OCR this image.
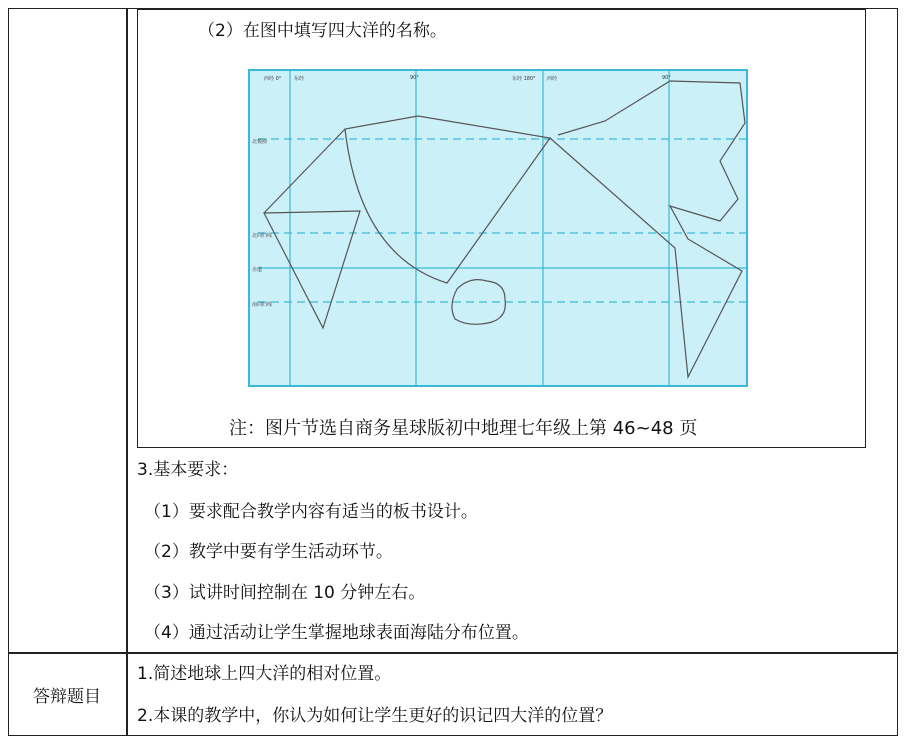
（2）在图中填写四大洋的名称。
西经 0°	东经	90°	东经 180° 西经	90°
北极圈
北回归线
赤道
南回归线
注：图片节选自商务星球版初中地理七年级上第 46~48 页
3.基本要求：
（1）要求配合教学内容有适当的板书设计。
（2）教学中要有学生活动环节。
（3）试讲时间控制在 10 分钟左右。
（4）通过活动让学生掌握地球表面海陆分布位置。
答辩题目
1.简述地球上四大洋的相对位置。
2.本课的教学中，你认为如何让学生更好的识记四大洋的位置？
